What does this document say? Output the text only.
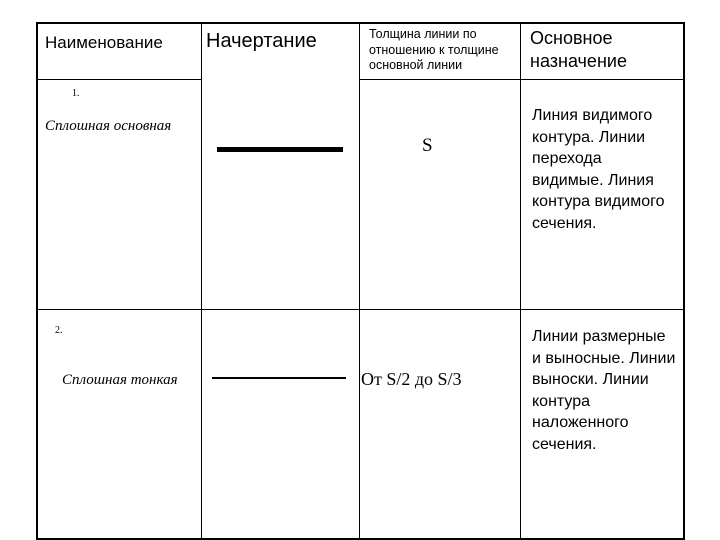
Наименование Начертание	Толщина линии по отношению к толщине основной линии
Основное назначение
1.
Сплошная основная
S
Линия видимого контура. Линии перехода видимые. Линия контура видимого сечения.
2.
Сплошная тонкая	От S/2 до S/3
Линии размерные и выносные. Линии выноски. Линии контура наложенного сечения.
